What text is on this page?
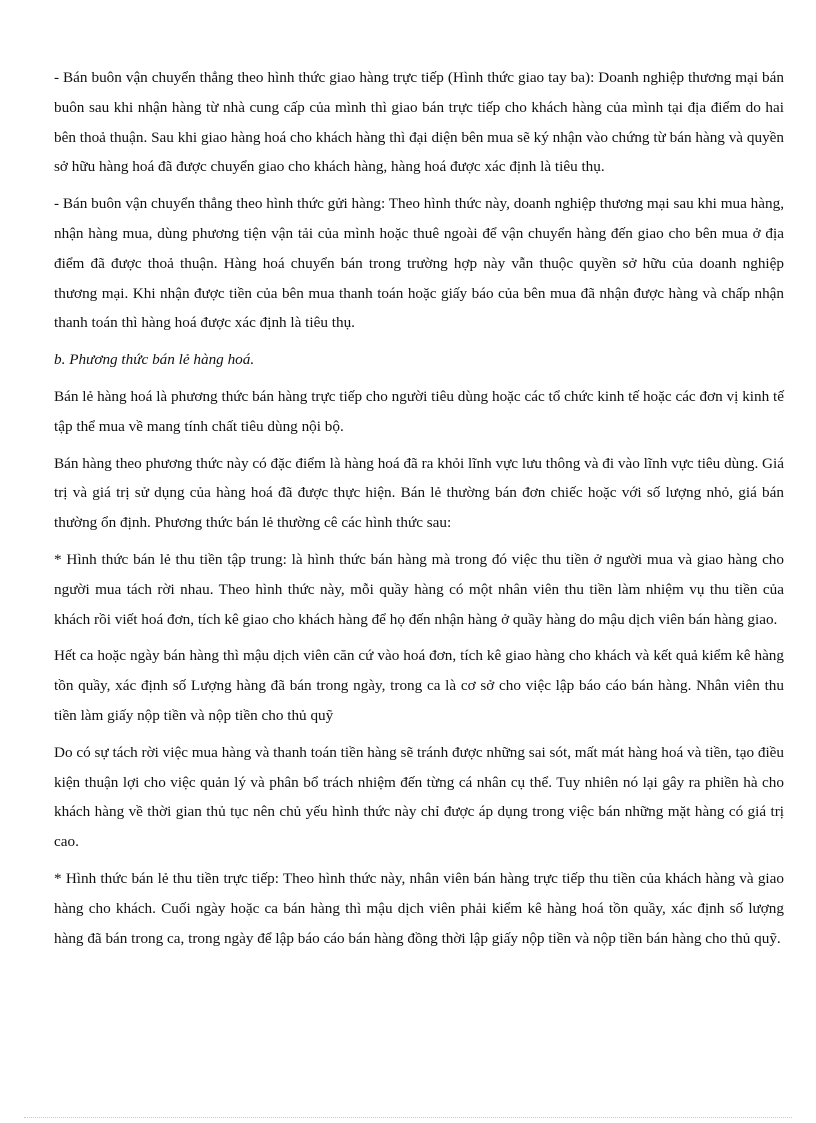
- Bán buôn vận chuyển thẳng theo hình thức giao hàng trực tiếp (Hình thức giao tay ba): Doanh nghiệp thương mại bán buôn sau khi nhận hàng từ nhà cung cấp của mình thì giao bán trực tiếp cho khách hàng của mình tại địa điểm do hai bên thoả thuận. Sau khi giao hàng hoá cho khách hàng thì đại diện bên mua sẽ ký nhận vào chứng từ bán hàng và quyền sở hữu hàng hoá đã được chuyển giao cho khách hàng, hàng hoá được xác định là tiêu thụ.

- Bán buôn vận chuyển thẳng theo hình thức gửi hàng: Theo hình thức này, doanh nghiệp thương mại sau khi mua hàng, nhận hàng mua, dùng phương tiện vận tải của mình hoặc thuê ngoài để vận chuyển hàng đến giao cho bên mua ở địa điểm đã được thoả thuận. Hàng hoá chuyển bán trong trường hợp này vẫn thuộc quyền sở hữu của doanh nghiệp thương mại. Khi nhận được tiền của bên mua thanh toán hoặc giấy báo của bên mua đã nhận được hàng và chấp nhận thanh toán thì hàng hoá được xác định là tiêu thụ.

b. Phương thức bán lẻ hàng hoá.

Bán lẻ hàng hoá là phương thức bán hàng trực tiếp cho người tiêu dùng hoặc các tổ chức kinh tế hoặc các đơn vị kinh tế tập thể mua về mang tính chất tiêu dùng nội bộ.

Bán hàng theo phương thức này có đặc điểm là hàng hoá đã ra khỏi lĩnh vực lưu thông và đi vào lĩnh vực tiêu dùng. Giá trị và giá trị sử dụng của hàng hoá đã được thực hiện. Bán lẻ thường bán đơn chiếc hoặc với số lượng nhỏ, giá bán thường ổn định. Phương thức bán lẻ thường cê các hình thức sau:

* Hình thức bán lẻ thu tiền tập trung: là hình thức bán hàng mà trong đó việc thu tiền ở người mua và giao hàng cho người mua tách rời nhau. Theo hình thức này, mỗi quầy hàng có một nhân viên thu tiền làm nhiệm vụ thu tiền của khách rồi viết hoá đơn, tích kê giao cho khách hàng để họ đến nhận hàng ở quầy hàng do mậu dịch viên bán hàng giao.

Hết ca hoặc ngày bán hàng thì mậu dịch viên căn cứ vào hoá đơn, tích kê giao hàng cho khách và kết quả kiểm kê hàng tồn quầy, xác định số Lượng hàng đã bán trong ngày, trong ca là cơ sở cho việc lập báo cáo bán hàng. Nhân viên thu tiền làm giấy nộp tiền và nộp tiền cho thủ quỹ

Do có sự tách rời việc mua hàng và thanh toán tiền hàng sẽ tránh được những sai sót, mất mát hàng hoá và tiền, tạo điều kiện thuận lợi cho việc quản lý và phân bổ trách nhiệm đến từng cá nhân cụ thể. Tuy nhiên nó lại gây ra phiền hà cho khách hàng về thời gian thủ tục nên chủ yếu hình thức này chỉ được áp dụng trong việc bán những mặt hàng có giá trị cao.

* Hình thức bán lẻ thu tiền trực tiếp: Theo hình thức này, nhân viên bán hàng trực tiếp thu tiền của khách hàng và giao hàng cho khách. Cuối ngày hoặc ca bán hàng thì mậu dịch viên phải kiểm kê hàng hoá tồn quầy, xác định số lượng hàng đã bán trong ca, trong ngày để lập báo cáo bán hàng đồng thời lập giấy nộp tiền và nộp tiền bán hàng cho thủ quỹ.
